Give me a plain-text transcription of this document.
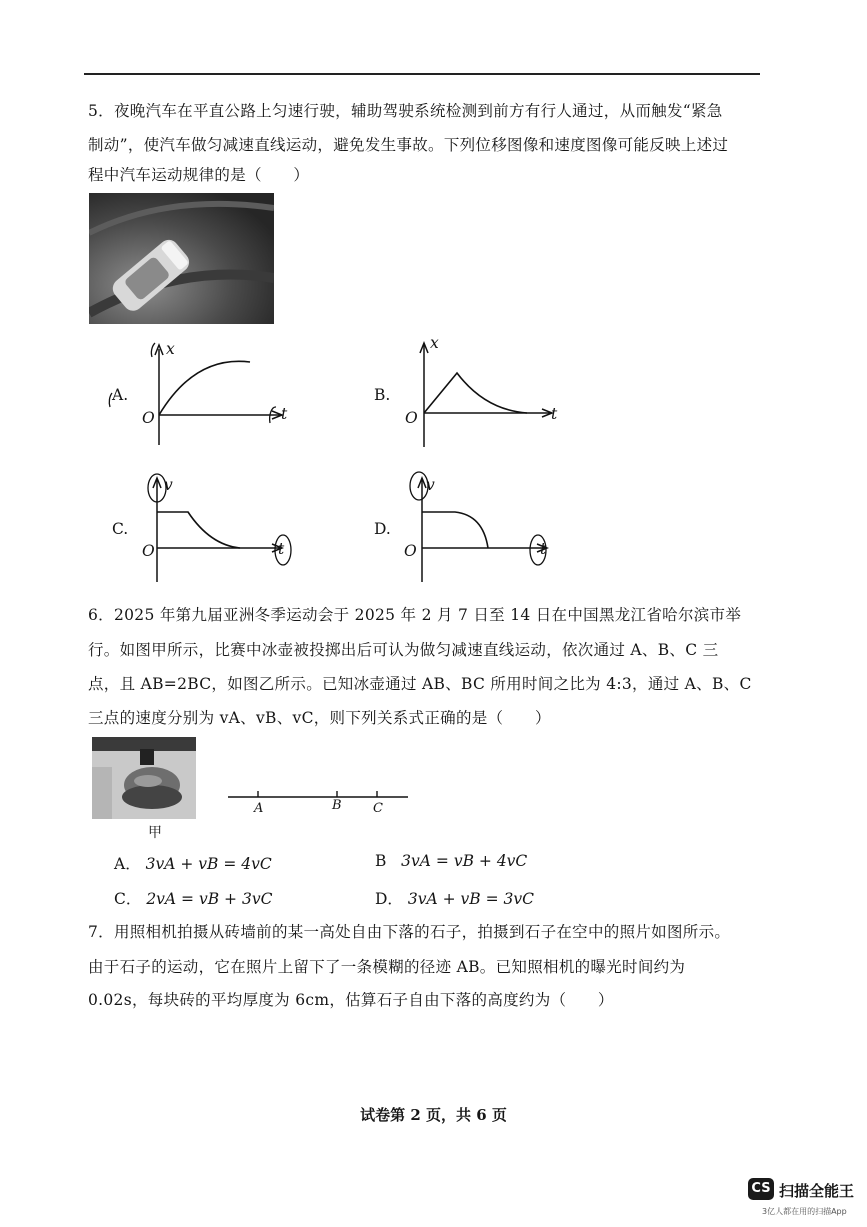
5．夜晚汽车在平直公路上匀速行驶，辅助驾驶系统检测到前方有行人通过，从而触发“紧急
制动”，使汽车做匀减速直线运动，避免发生事故。下列位移图像和速度图像可能反映上述过
程中汽车运动规律的是（　　）
A.
x
O	t
B.
x
O	t
C.
v
O	t
D.
v
O	t
6．2025 年第九届亚洲冬季运动会于 2025 年 2 月 7 日至 14 日在中国黑龙江省哈尔滨市举
行。如图甲所示，比赛中冰壶被投掷出后可认为做匀减速直线运动，依次通过 A、B、C 三
点，且 AB=2BC，如图乙所示。已知冰壶通过 AB、BC 所用时间之比为 4:3，通过 A、B、C
三点的速度分别为 vA、vB、vC，则下列关系式正确的是（　　）
甲
A	B C
A． 3vA + vB = 4vC	B 3vA = vB + 4vC
C． 2vA = vB + 3vC	D． 3vA + vB = 3vC
7．用照相机拍摄从砖墙前的某一高处自由下落的石子，拍摄到石子在空中的照片如图所示。
由于石子的运动，它在照片上留下了一条模糊的径迹 AB。已知照相机的曝光时间约为
0.02s，每块砖的平均厚度为 6cm，估算石子自由下落的高度约为（　　）
试卷第 2 页，共 6 页
CS 扫描全能王
3亿人都在用的扫描App
